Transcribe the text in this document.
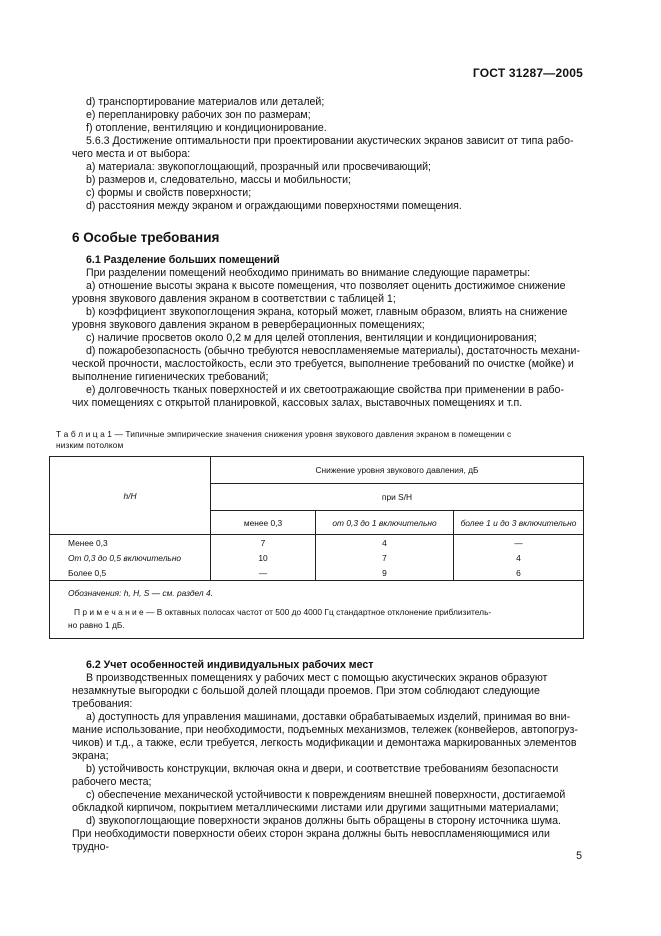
ГОСТ 31287—2005

d) транспортирование материалов или деталей;

e) перепланировку рабочих зон по размерам;

f) отопление, вентиляцию и кондиционирование.

5.6.3 Достижение оптимальности при проектировании акустических экранов зависит от типа рабо-

чего места и от выбора:

a) материала: звукопоглощающий, прозрачный или просвечивающий;

b) размеров и, следовательно, массы и мобильности;

c) формы и свойств поверхности;

d) расстояния между экраном и ограждающими поверхностями помещения.

6 Особые требования

6.1 Разделение больших помещений

При разделении помещений необходимо принимать во внимание следующие параметры:

a) отношение высоты экрана к высоте помещения, что позволяет оценить достижимое снижение

уровня звукового давления экраном в соответствии с таблицей 1;

b) коэффициент звукопоглощения экрана, который может, главным образом, влиять на снижение

уровня звукового давления экраном в реверберационных помещениях;

c) наличие просветов около 0,2 м для целей отопления, вентиляции и кондиционирования;

d) пожаробезопасность (обычно требуются невоспламеняемые материалы), достаточность механи-

ческой прочности, маслостойкость, если это требуется, выполнение требований по очистке (мойке) и

выполнение гигиенических требований;

e) долговечность тканых поверхностей и их светоотражающие свойства при применении в рабо-

чих помещениях с открытой планировкой, кассовых залах, выставочных помещениях и т.п.

Т а б л и ц а 1 — Типичные эмпирические значения снижения уровня звукового давления экраном в помещении с
низким потолком
h/H	Снижение уровня звукового давления, дБ		
	при S/H		
	менее 0,3	от 0,3 до 1 включительно	более 1 и до 3 включительно
Менее 0,3	7	4	—
От 0,3 до 0,5 включительно	10	7	4
Более 0,5	—	9	6

Обозначения: h, H, S — см. раздел 4.
П р и м е ч а н и е — В октавных полосах частот от 500 до 4000 Гц стандартное отклонение приблизитель-
но равно 1 дБ.			

6.2 Учет особенностей индивидуальных рабочих мест

В производственных помещениях у рабочих мест с помощью акустических экранов образуют

незамкнутые выгородки с большой долей площади проемов. При этом соблюдают следующие

требования:

a) доступность для управления машинами, доставки обрабатываемых изделий, принимая во вни-

мание использование, при необходимости, подъемных механизмов, тележек (конвейеров, автопогруз-

чиков) и т.д., а также, если требуется, легкость модификации и демонтажа маркированных элементов

экрана;

b) устойчивость конструкции, включая окна и двери, и соответствие требованиям безопасности

рабочего места;

c) обеспечение механической устойчивости к повреждениям внешней поверхности, достигаемой

обкладкой кирпичом, покрытием металлическими листами или другими защитными материалами;

d) звукопоглощающие поверхности экранов должны быть обращены в сторону источника шума.

При необходимости поверхности обеих сторон экрана должны быть невоспламеняющимися или трудно-

5
